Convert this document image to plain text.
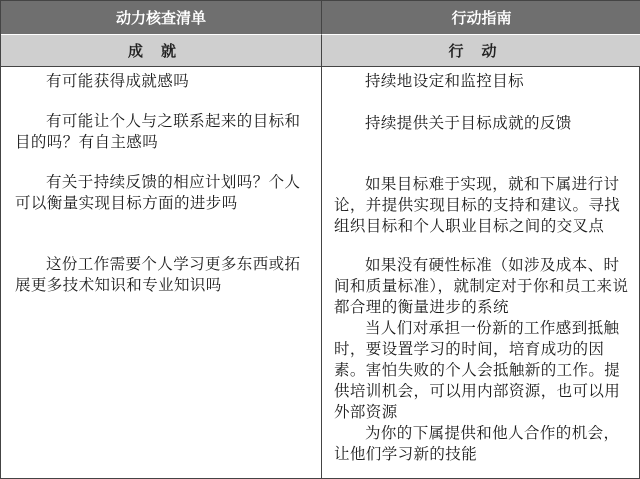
动力核查清单	行动指南
成就	行动

有可能获得成就感吗

有可能让个人与之联系起来的目标和目的吗？有自主感吗

有关于持续反馈的相应计划吗？个人可以衡量实现目标方面的进步吗

这份工作需要个人学习更多东西或拓展更多技术知识和专业知识吗

持续地设定和监控目标

持续提供关于目标成就的反馈

如果目标难于实现，就和下属进行讨论，并提供实现目标的支持和建议。寻找组织目标和个人职业目标之间的交叉点

如果没有硬性标准（如涉及成本、时间和质量标准），就制定对于你和员工来说都合理的衡量进步的系统

当人们对承担一份新的工作感到抵触时，要设置学习的时间，培育成功的因素。害怕失败的个人会抵触新的工作。提供培训机会，可以用内部资源，也可以用外部资源

为你的下属提供和他人合作的机会，让他们学习新的技能
